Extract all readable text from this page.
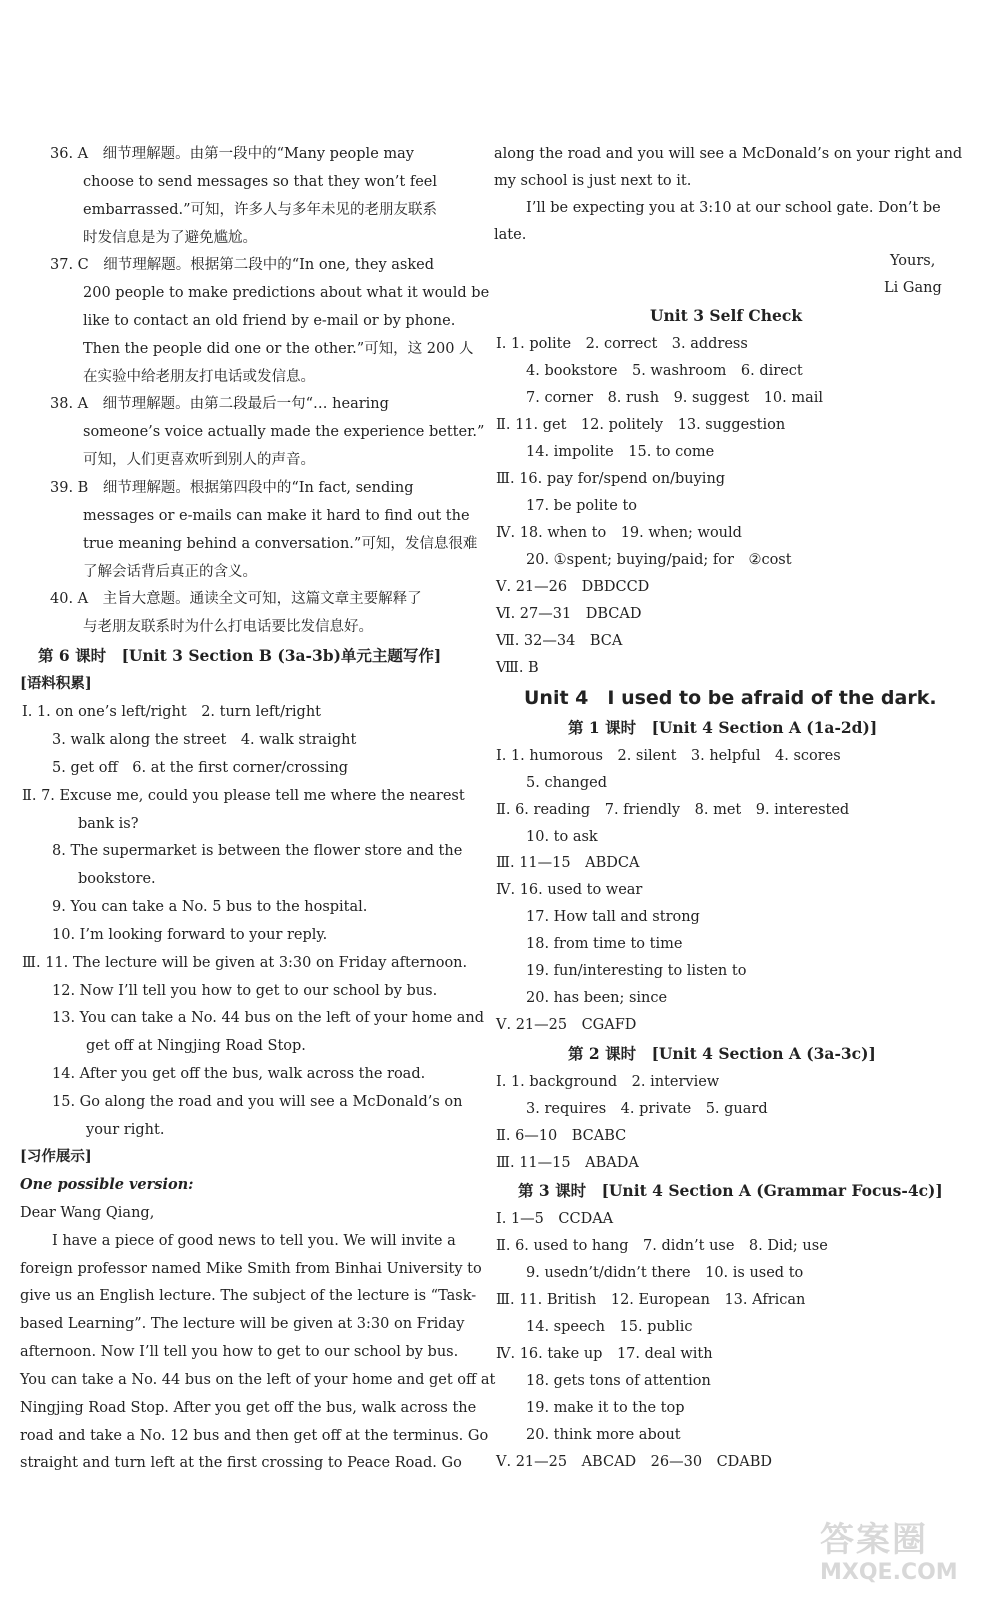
36. A　细节理解题。由第一段中的“Many people may
choose to send messages so that they won’t feel
embarrassed.”可知，许多人与多年未见的老朋友联系
时发信息是为了避免尴尬。
37. C　细节理解题。根据第二段中的“In one, they asked
200 people to make predictions about what it would be
like to contact an old friend by e-mail or by phone.
Then the people did one or the other.”可知，这 200 人
在实验中给老朋友打电话或发信息。
38. A　细节理解题。由第二段最后一句“… hearing
someone’s voice actually made the experience better.”
可知，人们更喜欢听到别人的声音。
39. B　细节理解题。根据第四段中的“In fact, sending
messages or e-mails can make it hard to find out the
true meaning behind a conversation.”可知，发信息很难
了解会话背后真正的含义。
40. A　主旨大意题。通读全文可知，这篇文章主要解释了
与老朋友联系时为什么打电话要比发信息好。
第 6 课时　[Unit 3 Section B (3a-3b)单元主题写作]
[语料积累]
Ⅰ. 1. on one’s left/right　2. turn left/right
3. walk along the street　4. walk straight
5. get off　6. at the first corner/crossing
Ⅱ. 7. Excuse me, could you please tell me where the nearest
bank is?
8. The supermarket is between the flower store and the
bookstore.
9. You can take a No. 5 bus to the hospital.
10. I’m looking forward to your reply.
Ⅲ. 11. The lecture will be given at 3:30 on Friday afternoon.
12. Now I’ll tell you how to get to our school by bus.
13. You can take a No. 44 bus on the left of your home and
get off at Ningjing Road Stop.
14. After you get off the bus, walk across the road.
15. Go along the road and you will see a McDonald’s on
your right.
[习作展示]
One possible version:
Dear Wang Qiang,
I have a piece of good news to tell you. We will invite a
foreign professor named Mike Smith from Binhai University to
give us an English lecture. The subject of the lecture is “Task-
based Learning”. The lecture will be given at 3:30 on Friday
afternoon. Now I’ll tell you how to get to our school by bus.
You can take a No. 44 bus on the left of your home and get off at
Ningjing Road Stop. After you get off the bus, walk across the
road and take a No. 12 bus and then get off at the terminus. Go
straight and turn left at the first crossing to Peace Road. Go
along the road and you will see a McDonald’s on your right and
my school is just next to it.
I’ll be expecting you at 3:10 at our school gate. Don’t be
late.
Yours,
Li Gang
Unit 3 Self Check
Ⅰ. 1. polite　2. correct　3. address
4. bookstore　5. washroom　6. direct
7. corner　8. rush　9. suggest　10. mail
Ⅱ. 11. get　12. politely　13. suggestion
14. impolite　15. to come
Ⅲ. 16. pay for/spend on/buying
17. be polite to
Ⅳ. 18. when to　19. when; would
20. ①spent; buying/paid; for　②cost
Ⅴ. 21—26　DBDCCD
Ⅵ. 27—31　DBCAD
Ⅶ. 32—34　BCA
Ⅷ. B
Unit 4　I used to be afraid of the dark.
第 1 课时　[Unit 4 Section A (1a-2d)]
Ⅰ. 1. humorous　2. silent　3. helpful　4. scores
5. changed
Ⅱ. 6. reading　7. friendly　8. met　9. interested
10. to ask
Ⅲ. 11—15　ABDCA
Ⅳ. 16. used to wear
17. How tall and strong
18. from time to time
19. fun/interesting to listen to
20. has been; since
Ⅴ. 21—25　CGAFD
第 2 课时　[Unit 4 Section A (3a-3c)]
Ⅰ. 1. background　2. interview
3. requires　4. private　5. guard
Ⅱ. 6—10　BCABC
Ⅲ. 11—15　ABADA
第 3 课时　[Unit 4 Section A (Grammar Focus-4c)]
Ⅰ. 1—5　CCDAA
Ⅱ. 6. used to hang　7. didn’t use　8. Did; use
9. usedn’t/didn’t there　10. is used to
Ⅲ. 11. British　12. European　13. African
14. speech　15. public
Ⅳ. 16. take up　17. deal with
18. gets tons of attention
19. make it to the top
20. think more about
Ⅴ. 21—25　ABCAD　26—30　CDABD
答案圈
MXQE.COM
